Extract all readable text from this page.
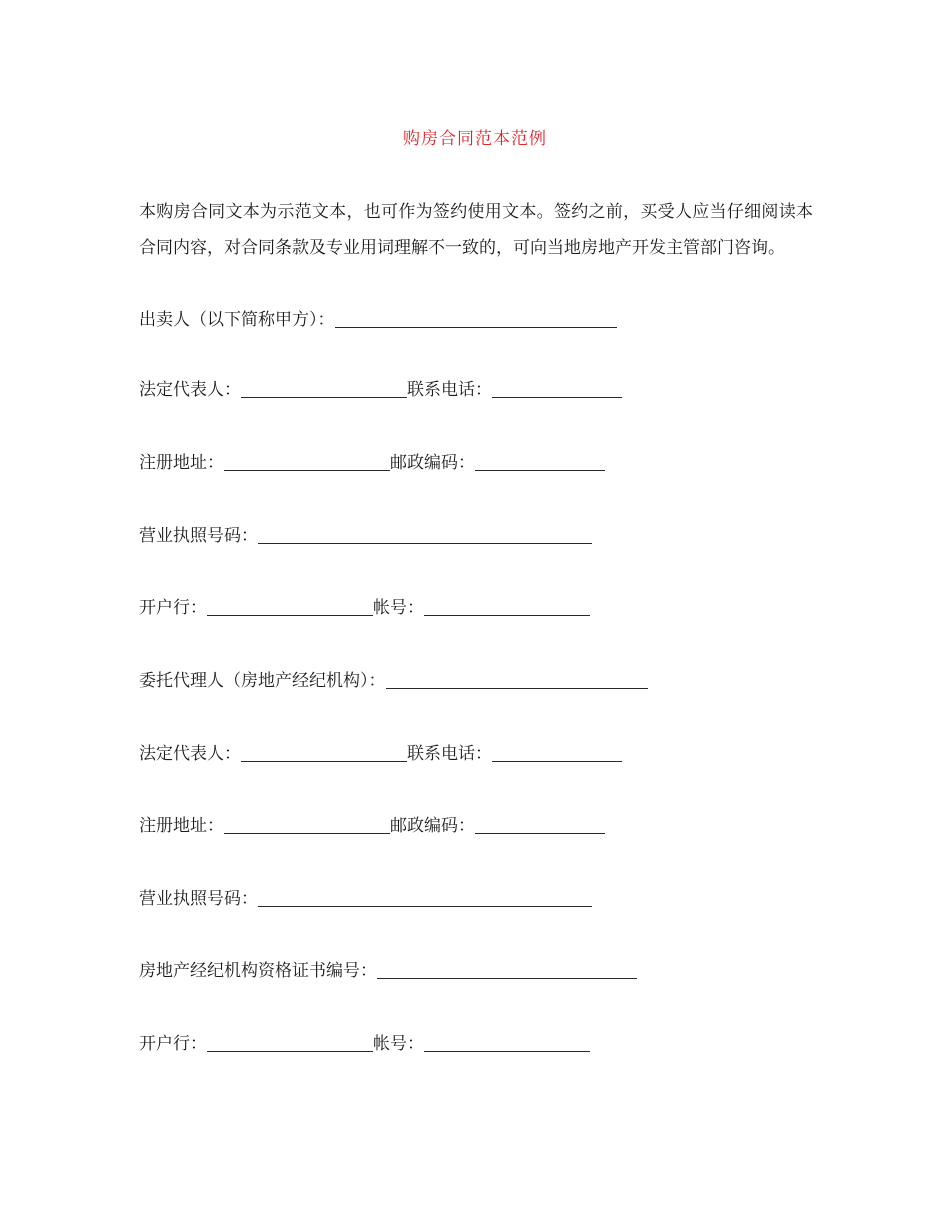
购房合同范本范例
本购房合同文本为示范文本，也可作为签约使用文本。签约之前，买受人应当仔细阅读本合同内容，对合同条款及专业用词理解不一致的，可向当地房地产开发主管部门咨询。
出卖人（以下简称甲方）：
法定代表人：	联系电话：
注册地址：	邮政编码：
营业执照号码：
开户行：	帐号：
委托代理人（房地产经纪机构）：
法定代表人：	联系电话：
注册地址：	邮政编码：
营业执照号码：
房地产经纪机构资格证书编号：
开户行：	帐号：
